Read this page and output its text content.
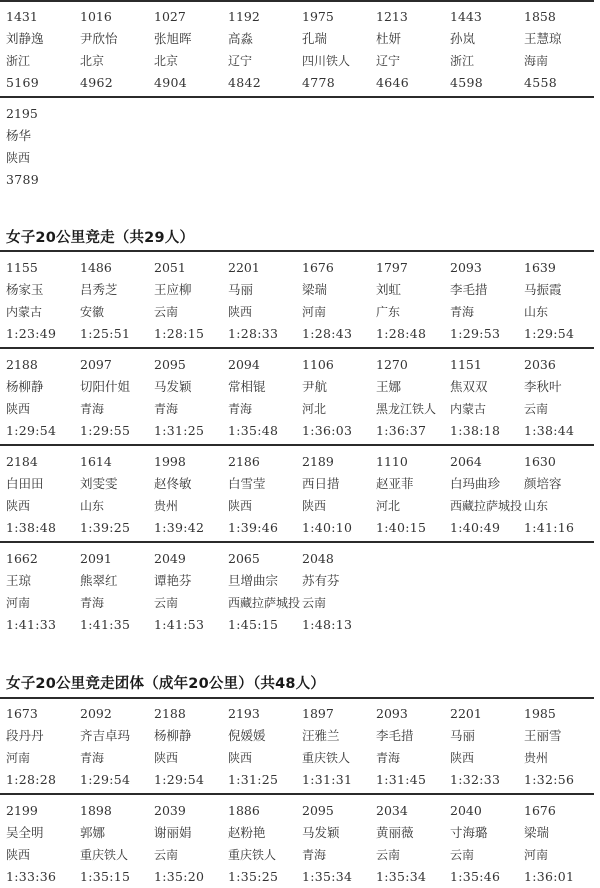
1431
刘静逸
浙江
5169
1016
尹欣怡
北京
4962
1027
张旭晖
北京
4904
1192
高淼
辽宁
4842
1975
孔瑞
四川铁人
4778
1213
杜妍
辽宁
4646
1443
孙岚
浙江
4598
1858
王慧琼
海南
4558
2195
杨华
陕西
3789
女子20公里竞走（共29人）
1155
杨家玉
内蒙古
1:23:49
1486
吕秀芝
安徽
1:25:51
2051
王应柳
云南
1:28:15
2201
马丽
陕西
1:28:33
1676
梁瑞
河南
1:28:43
1797
刘虹
广东
1:28:48
2093
李毛措
青海
1:29:53
1639
马振霞
山东
1:29:54
2188
杨柳静
陕西
1:29:54
2097
切阳什姐
青海
1:29:55
2095
马发颖
青海
1:31:25
2094
常相锟
青海
1:35:48
1106
尹航
河北
1:36:03
1270
王娜
黑龙江铁人
1:36:37
1151
焦双双
内蒙古
1:38:18
2036
李秋叶
云南
1:38:44
2184
白田田
陕西
1:38:48
1614
刘雯雯
山东
1:39:25
1998
赵佟敏
贵州
1:39:42
2186
白雪莹
陕西
1:39:46
2189
西日措
陕西
1:40:10
1110
赵亚菲
河北
1:40:15
2064
白玛曲珍
西藏拉萨城投
1:40:49
1630
颜培容
山东
1:41:16
1662
王琼
河南
1:41:33
2091
熊翠红
青海
1:41:35
2049
谭艳芬
云南
1:41:53
2065
旦增曲宗
西藏拉萨城投
1:45:15
2048
苏有芬
云南
1:48:13
女子20公里竞走团体（成年20公里）（共48人）
1673
段丹丹
河南
1:28:28
2092
齐吉卓玛
青海
1:29:54
2188
杨柳静
陕西
1:29:54
2193
倪媛媛
陕西
1:31:25
1897
汪雅兰
重庆铁人
1:31:31
2093
李毛措
青海
1:31:45
2201
马丽
陕西
1:32:33
1985
王丽雪
贵州
1:32:56
2199
吴全明
陕西
1:33:36
1898
郭娜
重庆铁人
1:35:15
2039
谢丽娟
云南
1:35:20
1886
赵粉艳
重庆铁人
1:35:25
2095
马发颖
青海
1:35:34
2034
黄丽薇
云南
1:35:34
2040
寸海璐
云南
1:35:46
1676
梁瑞
河南
1:36:01
